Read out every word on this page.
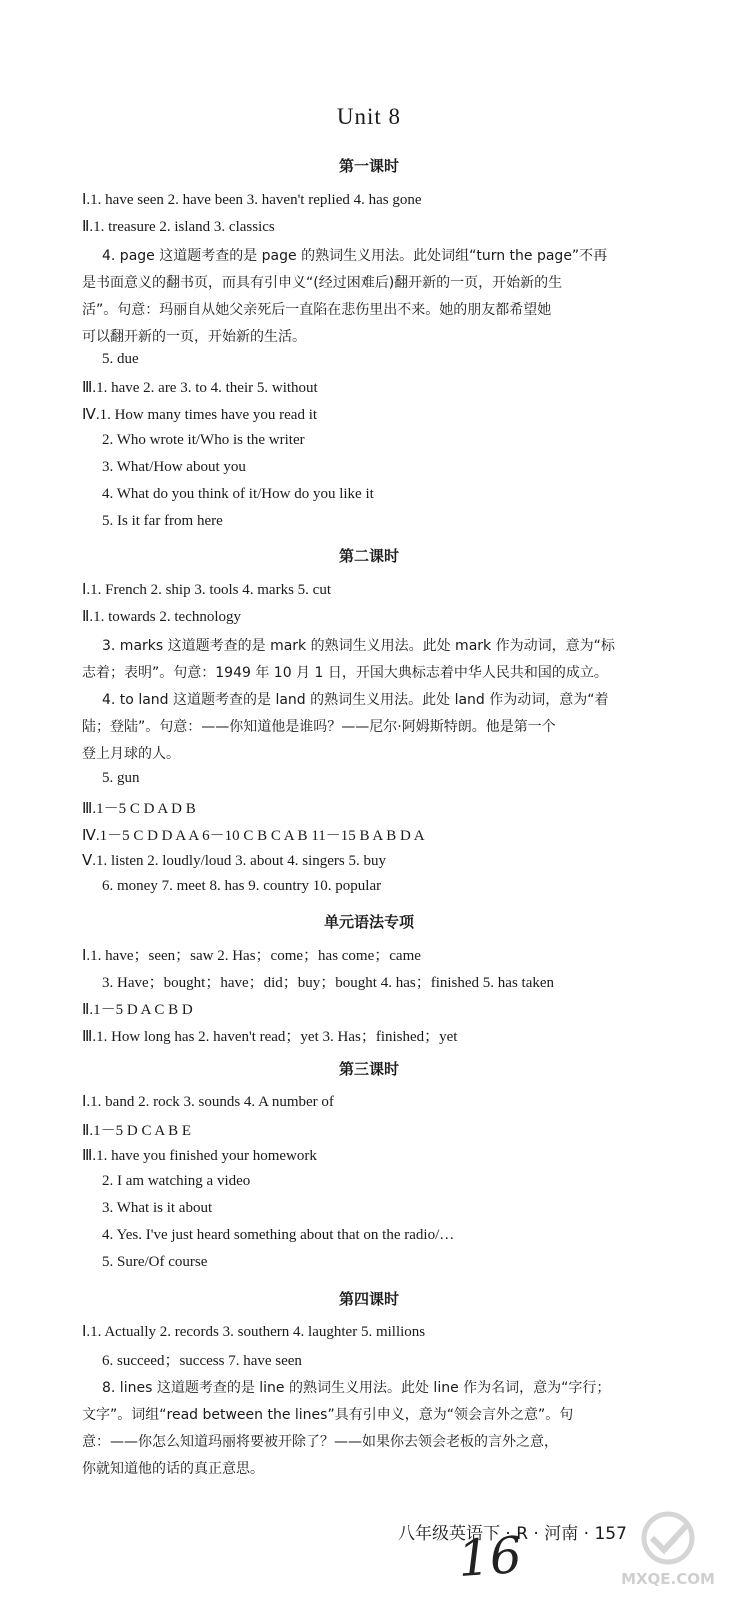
Unit 8
第一课时
Ⅰ.1. have seen 2. have been 3. haven't replied 4. has gone
Ⅱ.1. treasure 2. island 3. classics
4. page 这道题考查的是 page 的熟词生义用法。此处词组“turn the page”不再
是书面意义的翻书页，而具有引申义“(经过困难后)翻开新的一页，开始新的生
活”。句意：玛丽自从她父亲死后一直陷在悲伤里出不来。她的朋友都希望她
可以翻开新的一页，开始新的生活。
5. due
Ⅲ.1. have 2. are 3. to 4. their 5. without
Ⅳ.1. How many times have you read it
2. Who wrote it/Who is the writer
3. What/How about you
4. What do you think of it/How do you like it
5. Is it far from here
第二课时
Ⅰ.1. French 2. ship 3. tools 4. marks 5. cut
Ⅱ.1. towards 2. technology
3. marks 这道题考查的是 mark 的熟词生义用法。此处 mark 作为动词，意为“标
志着；表明”。句意：1949 年 10 月 1 日，开国大典标志着中华人民共和国的成立。
4. to land 这道题考查的是 land 的熟词生义用法。此处 land 作为动词，意为“着
陆；登陆”。句意：——你知道他是谁吗？——尼尔·阿姆斯特朗。他是第一个
登上月球的人。
5. gun
Ⅲ.1－5 C D A D B
Ⅳ.1－5 C D D A A 6－10 C B C A B 11－15 B A B D A
Ⅴ.1. listen 2. loudly/loud 3. about 4. singers 5. buy
6. money 7. meet 8. has 9. country 10. popular
单元语法专项
Ⅰ.1. have；seen；saw 2. Has；come；has come；came
3. Have；bought；have；did；buy；bought 4. has；finished 5. has taken
Ⅱ.1－5 D A C B D
Ⅲ.1. How long has 2. haven't read；yet 3. Has；finished；yet
第三课时
Ⅰ.1. band 2. rock 3. sounds 4. A number of
Ⅱ.1－5 D C A B E
Ⅲ.1. have you finished your homework
2. I am watching a video
3. What is it about
4. Yes. I've just heard something about that on the radio/…
5. Sure/Of course
第四课时
Ⅰ.1. Actually 2. records 3. southern 4. laughter 5. millions
6. succeed；success 7. have seen
8. lines 这道题考查的是 line 的熟词生义用法。此处 line 作为名词，意为“字行；
文字”。词组“read between the lines”具有引申义，意为“领会言外之意”。句
意：——你怎么知道玛丽将要被开除了？——如果你去领会老板的言外之意，
你就知道他的话的真正意思。
八年级英语下 · R · 河南 · 157
16	MXQE.COM
